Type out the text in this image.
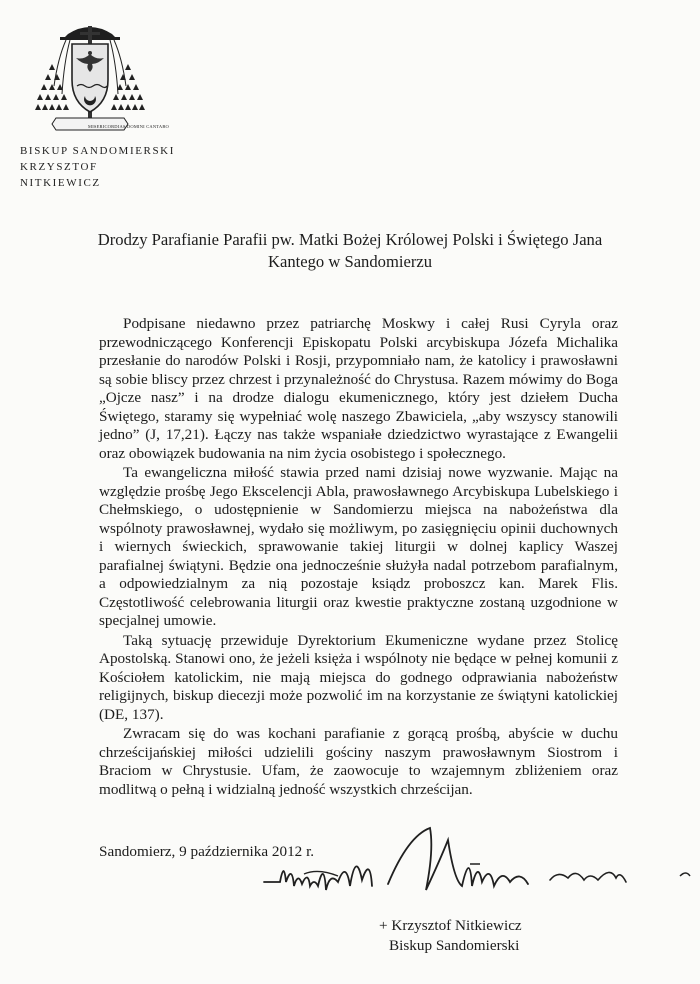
MISERICORDIAS DOMINI CANTABO
BISKUP SANDOMIERSKI
KRZYSZTOF NITKIEWICZ
Drodzy Parafianie Parafii pw. Matki Bożej Królowej Polski i Świętego Jana
Kantego w Sandomierzu

Podpisane niedawno przez patriarchę Moskwy i całej Rusi Cyryla oraz przewodniczącego Konferencji Episkopatu Polski arcybiskupa Józefa Michalika przesłanie do narodów Polski i Rosji, przypomniało nam, że katolicy i prawosławni są sobie bliscy przez chrzest i przynależność do Chrystusa. Razem mówimy do Boga „Ojcze nasz” i na drodze dialogu ekumenicznego, który jest dziełem Ducha Świętego, staramy się wypełniać wolę naszego Zbawiciela, „aby wszyscy stanowili jedno” (J, 17,21). Łączy nas także wspaniałe dziedzictwo wyrastające z Ewangelii oraz obowiązek budowania na nim życia osobistego i społecznego.

Ta ewangeliczna miłość stawia przed nami dzisiaj nowe wyzwanie. Mając na względzie prośbę Jego Ekscelencji Abla, prawosławnego Arcybiskupa Lubelskiego i Chełmskiego, o udostępnienie w Sandomierzu miejsca na nabożeństwa dla wspólnoty prawosławnej, wydało się możliwym, po zasięgnięciu opinii duchownych i wiernych świeckich, sprawowanie takiej liturgii w dolnej kaplicy Waszej parafialnej świątyni. Będzie ona jednocześnie służyła nadal potrzebom parafialnym, a odpowiedzialnym za nią pozostaje ksiądz proboszcz kan. Marek Flis. Częstotliwość celebrowania liturgii oraz kwestie praktyczne zostaną uzgodnione w specjalnej umowie.

Taką sytuację przewiduje Dyrektorium Ekumeniczne wydane przez Stolicę Apostolską. Stanowi ono, że jeżeli księża i wspólnoty nie będące w pełnej komunii z Kościołem katolickim, nie mają miejsca do godnego odprawiania nabożeństw religijnych, biskup diecezji może pozwolić im na korzystanie ze świątyni katolickiej (DE, 137).

Zwracam się do was kochani parafianie z gorącą prośbą, abyście w duchu chrześcijańskiej miłości udzielili gościny naszym prawosławnym Siostrom i Braciom w Chrystusie. Ufam, że zaowocuje to wzajemnym zbliżeniem oraz modlitwą o pełną i widzialną jedność wszystkich chrześcijan.

Sandomierz, 9 października 2012 r.
+ Krzysztof Nitkiewicz
Biskup Sandomierski
